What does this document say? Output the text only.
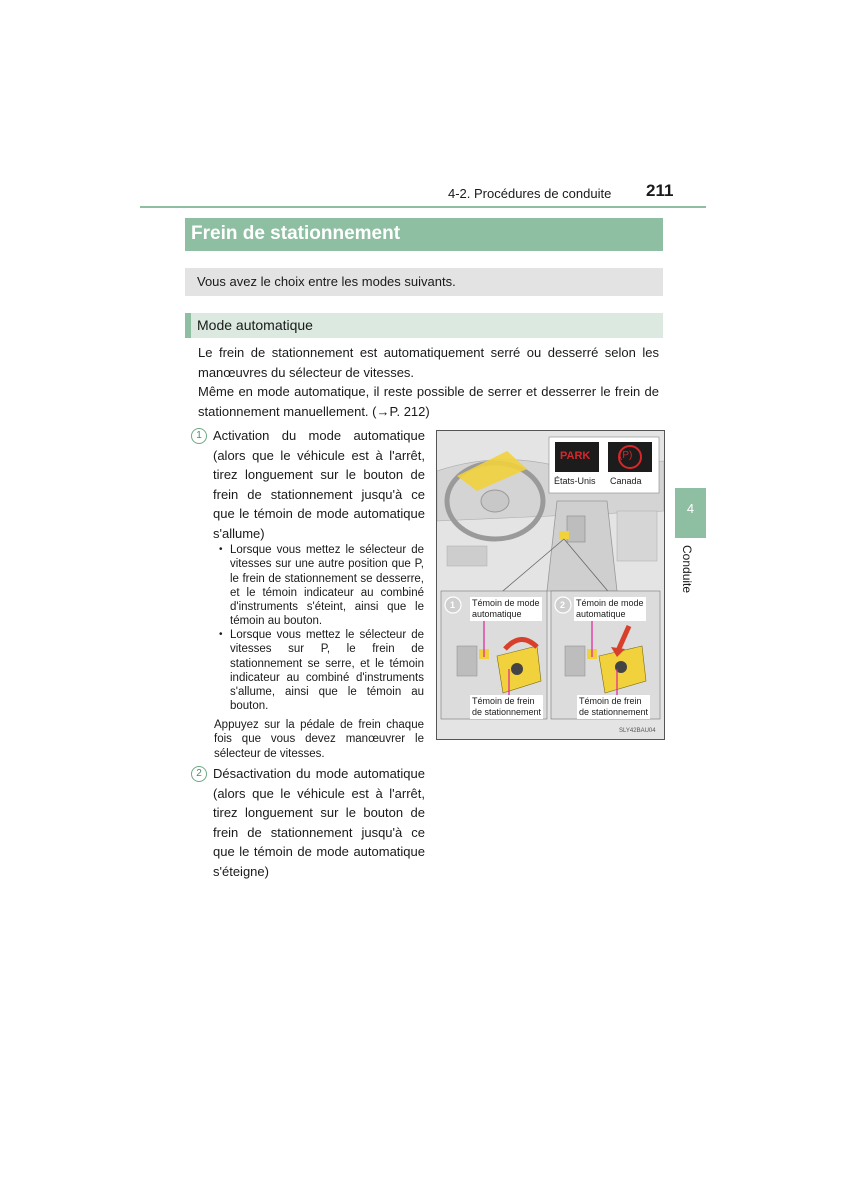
4-2. Procédures de conduite 211
Frein de stationnement
Vous avez le choix entre les modes suivants.
Mode automatique
Le frein de stationnement est automatiquement serré ou desserré selon les manœuvres du sélecteur de vitesses.
Même en mode automatique, il reste possible de serrer et desserrer le frein de stationnement manuellement. (→P. 212)
1 Activation du mode automatique (alors que le véhicule est à l'arrêt, tirez longuement sur le bouton de frein de stationnement jusqu'à ce que le témoin de mode automatique s'allume)
• Lorsque vous mettez le sélecteur de vitesses sur une autre position que P, le frein de stationnement se desserre, et le témoin indicateur au combiné d'instruments s'éteint, ainsi que le témoin au bouton.
• Lorsque vous mettez le sélecteur de vitesses sur P, le frein de stationnement se serre, et le témoin indicateur au combiné d'instruments s'allume, ainsi que le témoin au bouton.
Appuyez sur la pédale de frein chaque fois que vous devez manœuvrer le sélecteur de vitesses.
2 Désactivation du mode automatique (alors que le véhicule est à l'arrêt, tirez longuement sur le bouton de frein de stationnement jusqu'à ce que le témoin de mode automatique s'éteigne)
4
Conduite
PARK	(P)
États-Unis Canada
1	2
Témoin de mode
automatique
Témoin de mode
automatique
Témoin de frein
de stationnement
Témoin de frein
de stationnement
SLY42BAU04
